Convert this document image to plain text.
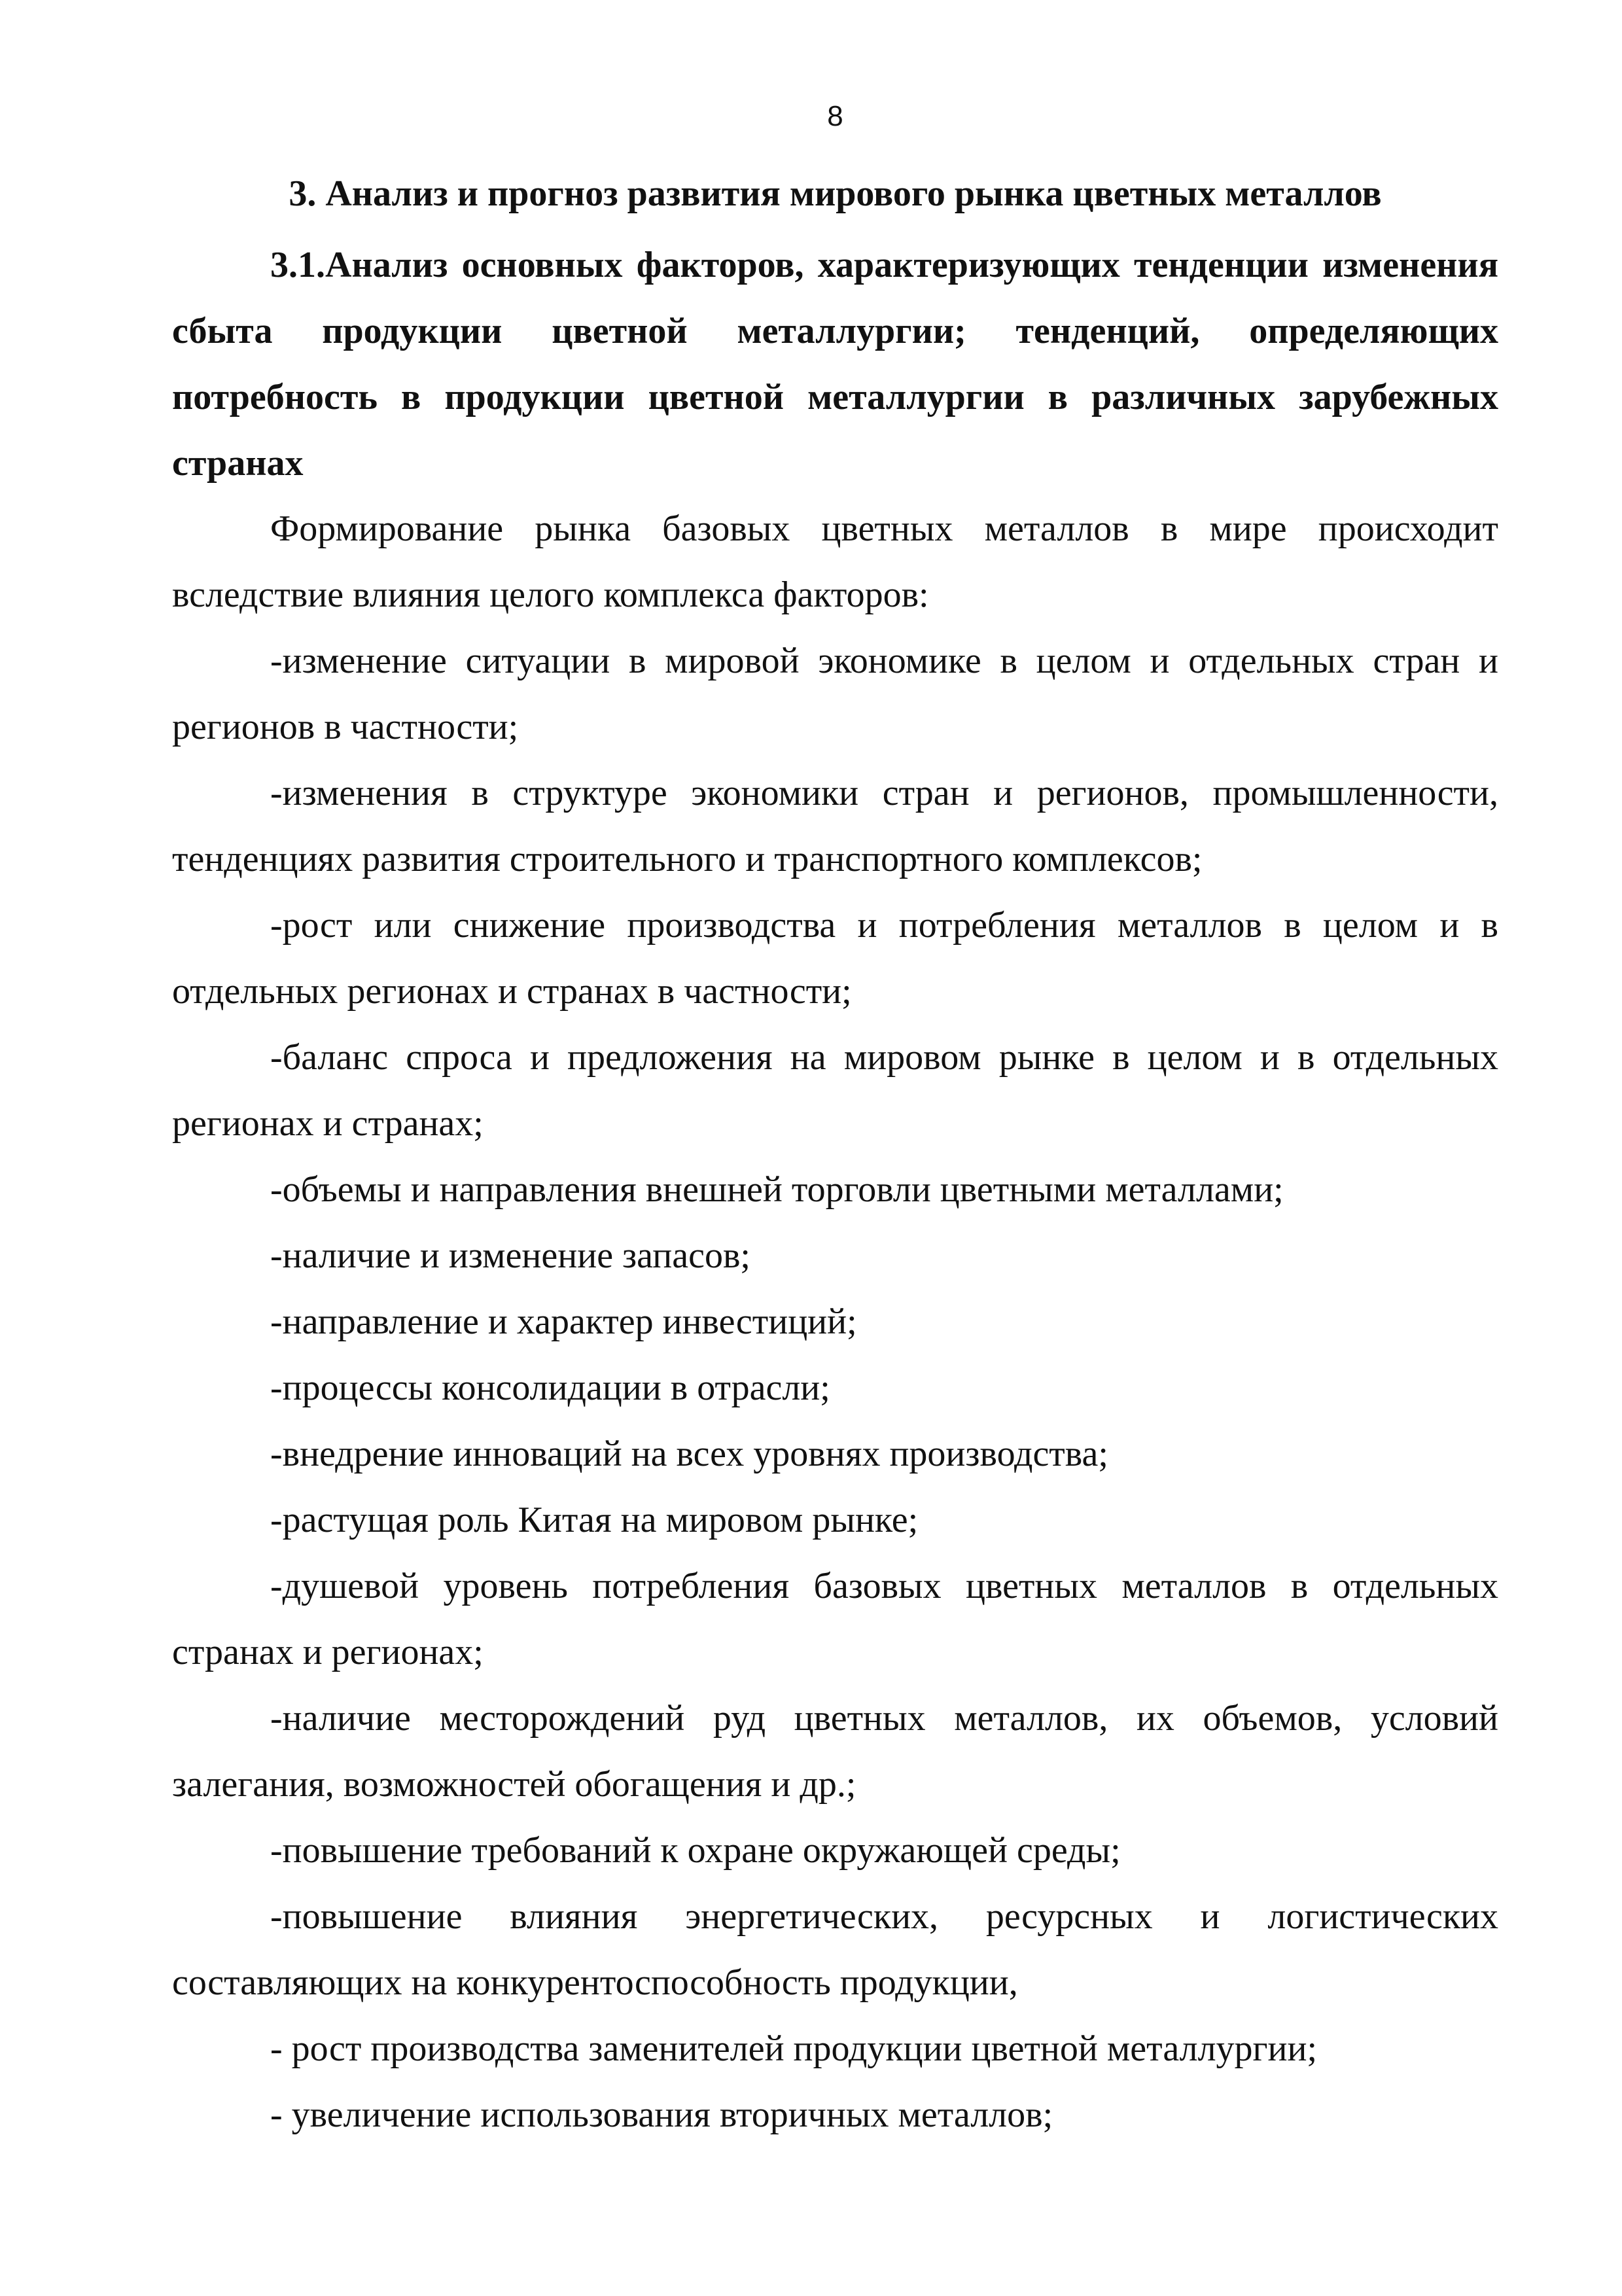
8
3. Анализ и прогноз развития мирового рынка цветных металлов
3.1.Анализ основных факторов, характеризующих тенденции изменения сбыта продукции цветной металлургии; тенденций, определяющих потребность в продукции цветной металлургии в различных зарубежных странах

Формирование рынка базовых цветных металлов в мире происходит вследствие влияния целого комплекса факторов:

-изменение ситуации в мировой экономике в целом и отдельных стран и регионов в частности;

-изменения в структуре экономики стран и регионов, промышленности, тенденциях развития строительного и транспортного комплексов;

-рост или снижение производства и потребления металлов в целом и в отдельных регионах и странах в частности;

-баланс спроса и предложения на мировом рынке в целом и в отдельных регионах и странах;

-объемы и направления внешней торговли цветными металлами;

-наличие и изменение запасов;

-направление и характер инвестиций;

-процессы консолидации в отрасли;

-внедрение инноваций на всех уровнях производства;

-растущая роль Китая на мировом рынке;

-душевой уровень потребления базовых цветных металлов в отдельных странах и регионах;

-наличие месторождений руд цветных металлов, их объемов, условий залегания, возможностей обогащения и др.;

-повышение требований к охране окружающей среды;

-повышение влияния энергетических, ресурсных и логистических составляющих на конкурентоспособность продукции,

- рост производства заменителей продукции цветной металлургии;

- увеличение использования вторичных металлов;
